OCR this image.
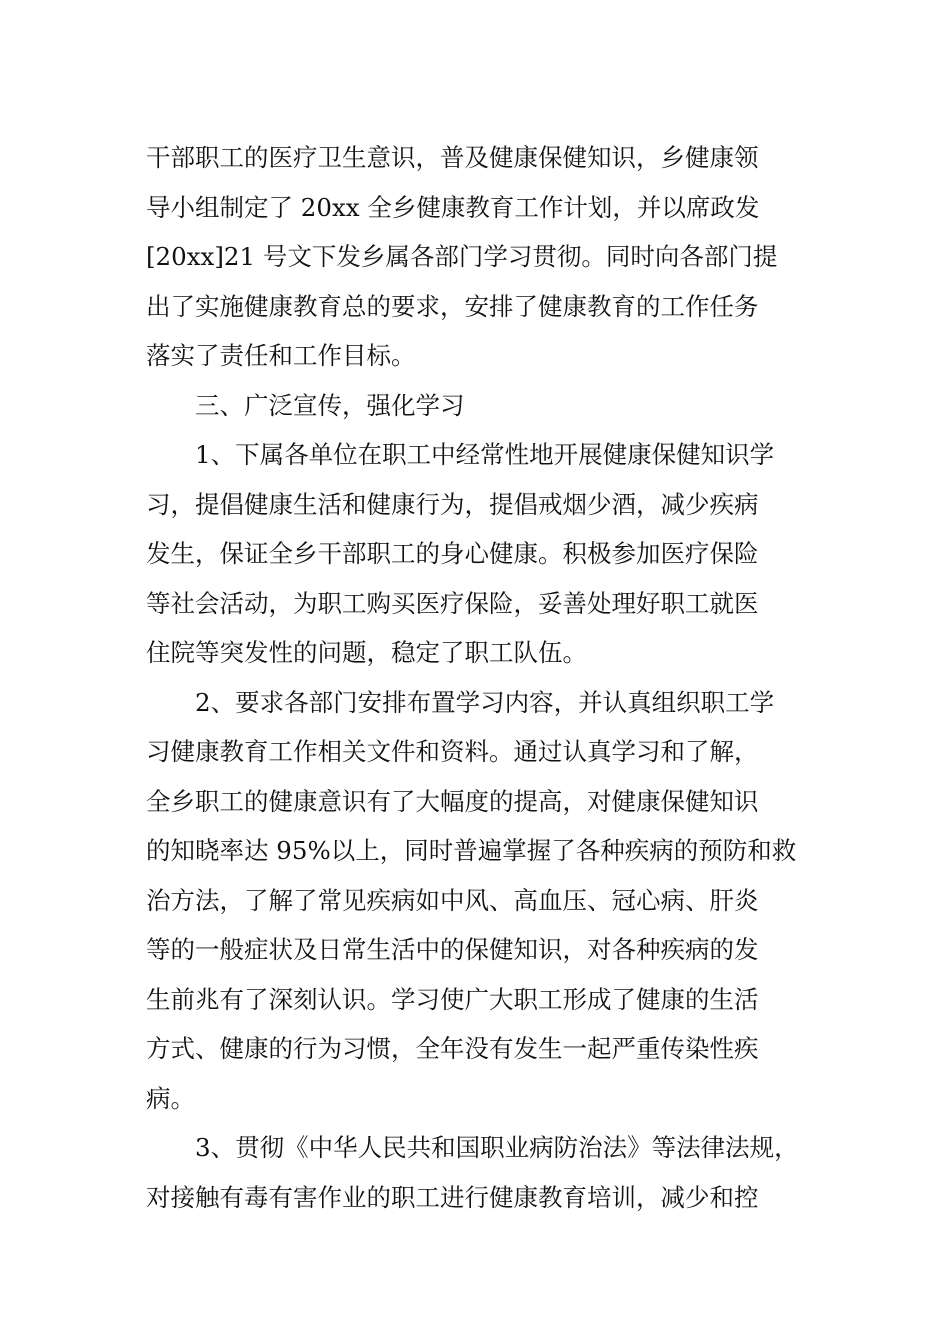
干部职工的医疗卫生意识，普及健康保健知识，乡健康领
导小组制定了 20xx 全乡健康教育工作计划，并以席政发
[20xx]21 号文下发乡属各部门学习贯彻。同时向各部门提
出了实施健康教育总的要求，安排了健康教育的工作任务
落实了责任和工作目标。
三、广泛宣传，强化学习
1、下属各单位在职工中经常性地开展健康保健知识学
习，提倡健康生活和健康行为，提倡戒烟少酒，减少疾病
发生，保证全乡干部职工的身心健康。积极参加医疗保险
等社会活动，为职工购买医疗保险，妥善处理好职工就医
住院等突发性的问题，稳定了职工队伍。
2、要求各部门安排布置学习内容，并认真组织职工学
习健康教育工作相关文件和资料。通过认真学习和了解，
全乡职工的健康意识有了大幅度的提高，对健康保健知识
的知晓率达 95%以上，同时普遍掌握了各种疾病的预防和救
治方法，了解了常见疾病如中风、高血压、冠心病、肝炎
等的一般症状及日常生活中的保健知识，对各种疾病的发
生前兆有了深刻认识。学习使广大职工形成了健康的生活
方式、健康的行为习惯，全年没有发生一起严重传染性疾
病。
3、贯彻《中华人民共和国职业病防治法》等法律法规，
对接触有毒有害作业的职工进行健康教育培训，减少和控
